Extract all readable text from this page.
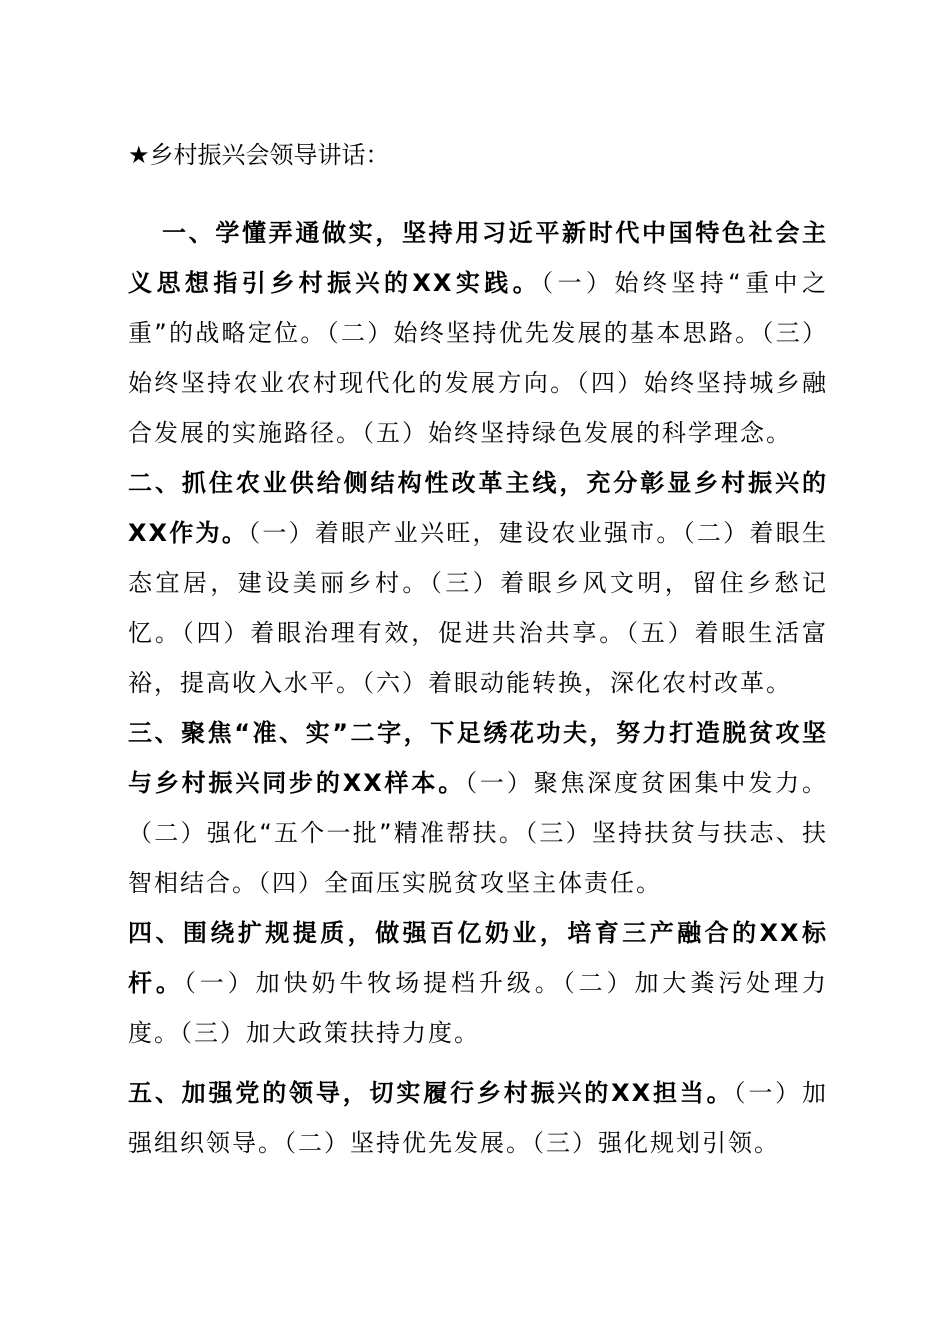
★乡村振兴会领导讲话：

一、学懂弄通做实，坚持用习近平新时代中国特色社会主义思想指引乡村振兴的XX实践。（一）始终坚持“重中之重”的战略定位。（二）始终坚持优先发展的基本思路。（三）始终坚持农业农村现代化的发展方向。（四）始终坚持城乡融合发展的实施路径。（五）始终坚持绿色发展的科学理念。

二、抓住农业供给侧结构性改革主线，充分彰显乡村振兴的XX作为。（一）着眼产业兴旺，建设农业强市。（二）着眼生态宜居，建设美丽乡村。（三）着眼乡风文明，留住乡愁记忆。（四）着眼治理有效，促进共治共享。（五）着眼生活富裕，提高收入水平。（六）着眼动能转换，深化农村改革。

三、聚焦“准、实”二字，下足绣花功夫，努力打造脱贫攻坚与乡村振兴同步的XX样本。（一）聚焦深度贫困集中发力。（二）强化“五个一批”精准帮扶。（三）坚持扶贫与扶志、扶智相结合。（四）全面压实脱贫攻坚主体责任。

四、围绕扩规提质，做强百亿奶业，培育三产融合的XX标杆。（一）加快奶牛牧场提档升级。（二）加大粪污处理力度。（三）加大政策扶持力度。

五、加强党的领导，切实履行乡村振兴的XX担当。（一）加强组织领导。（二）坚持优先发展。（三）强化规划引领。
